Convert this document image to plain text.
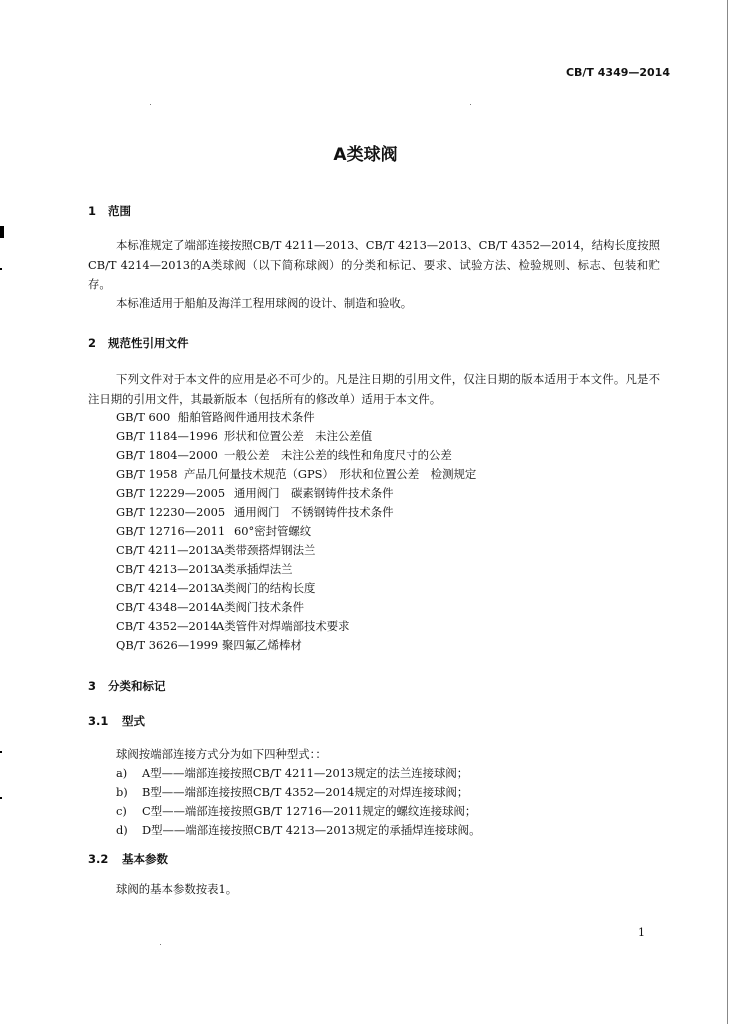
CB/T 4349—2014
A类球阀
1 范围
本标准规定了端部连接按照CB/T 4211—2013、CB/T 4213—2013、CB/T 4352—2014，结构长度按照CB/T 4214—2013的A类球阀（以下简称球阀）的分类和标记、要求、试验方法、检验规则、标志、包装和贮存。
本标准适用于船舶及海洋工程用球阀的设计、制造和验收。
2 规范性引用文件
下列文件对于本文件的应用是必不可少的。凡是注日期的引用文件，仅注日期的版本适用于本文件。凡是不注日期的引用文件，其最新版本（包括所有的修改单）适用于本文件。
GB/T 600 船舶管路阀件通用技术条件
GB/T 1184—1996 形状和位置公差　未注公差值
GB/T 1804—2000 一般公差　未注公差的线性和角度尺寸的公差
GB/T 1958 产品几何量技术规范（GPS）　形状和位置公差　检测规定
GB/T 12229—2005 通用阀门　碳素钢铸件技术条件
GB/T 12230—2005 通用阀门　不锈钢铸件技术条件
GB/T 12716—2011 60°密封管螺纹
CB/T 4211—2013A类带颈搭焊钢法兰
CB/T 4213—2013A类承插焊法兰
CB/T 4214—2013A类阀门的结构长度
CB/T 4348—2014A类阀门技术条件
CB/T 4352—2014A类管件对焊端部技术要求
QB/T 3626—1999 聚四氟乙烯棒材
3 分类和标记
3.1 型式
球阀按端部连接方式分为如下四种型式：：
a) A型——端部连接按照CB/T 4211—2013规定的法兰连接球阀；
b) B型——端部连接按照CB/T 4352—2014规定的对焊连接球阀；
c) C型——端部连接按照GB/T 12716—2011规定的螺纹连接球阀；
d) D型——端部连接按照CB/T 4213—2013规定的承插焊连接球阀。
3.2 基本参数
球阀的基本参数按表1。
1
